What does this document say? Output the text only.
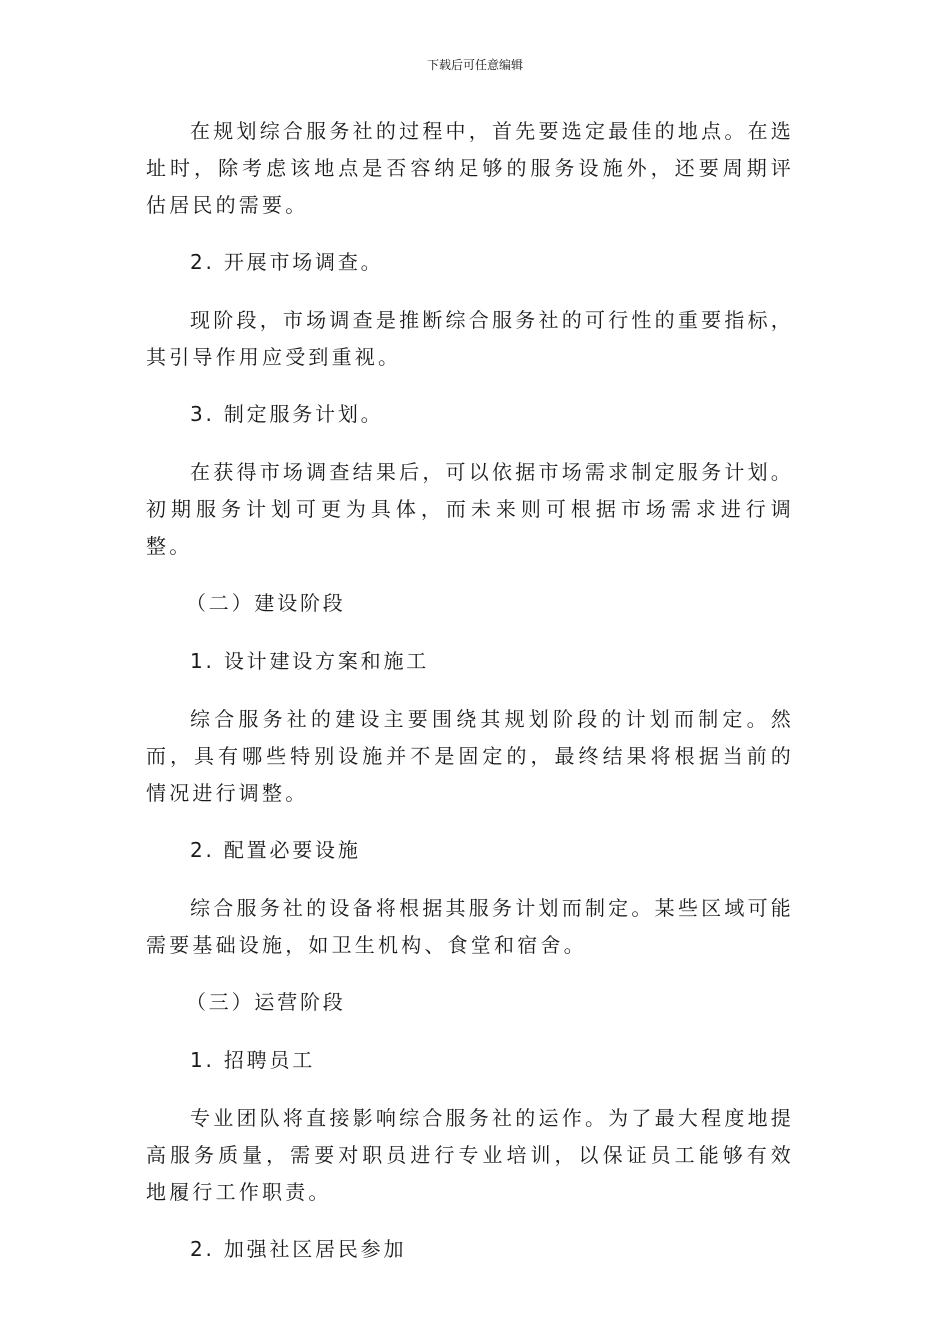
下载后可任意编辑

在规划综合服务社的过程中，首先要选定最佳的地点。在选址时，除考虑该地点是否容纳足够的服务设施外，还要周期评估居民的需要。

2. 开展市场调查。

现阶段，市场调查是推断综合服务社的可行性的重要指标，其引导作用应受到重视。

3. 制定服务计划。

在获得市场调查结果后，可以依据市场需求制定服务计划。初期服务计划可更为具体，而未来则可根据市场需求进行调整。

（二）建设阶段

1. 设计建设方案和施工

综合服务社的建设主要围绕其规划阶段的计划而制定。然而，具有哪些特别设施并不是固定的，最终结果将根据当前的情况进行调整。

2. 配置必要设施

综合服务社的设备将根据其服务计划而制定。某些区域可能需要基础设施，如卫生机构、食堂和宿舍。

（三）运营阶段

1. 招聘员工

专业团队将直接影响综合服务社的运作。为了最大程度地提高服务质量，需要对职员进行专业培训，以保证员工能够有效地履行工作职责。

2. 加强社区居民参加
